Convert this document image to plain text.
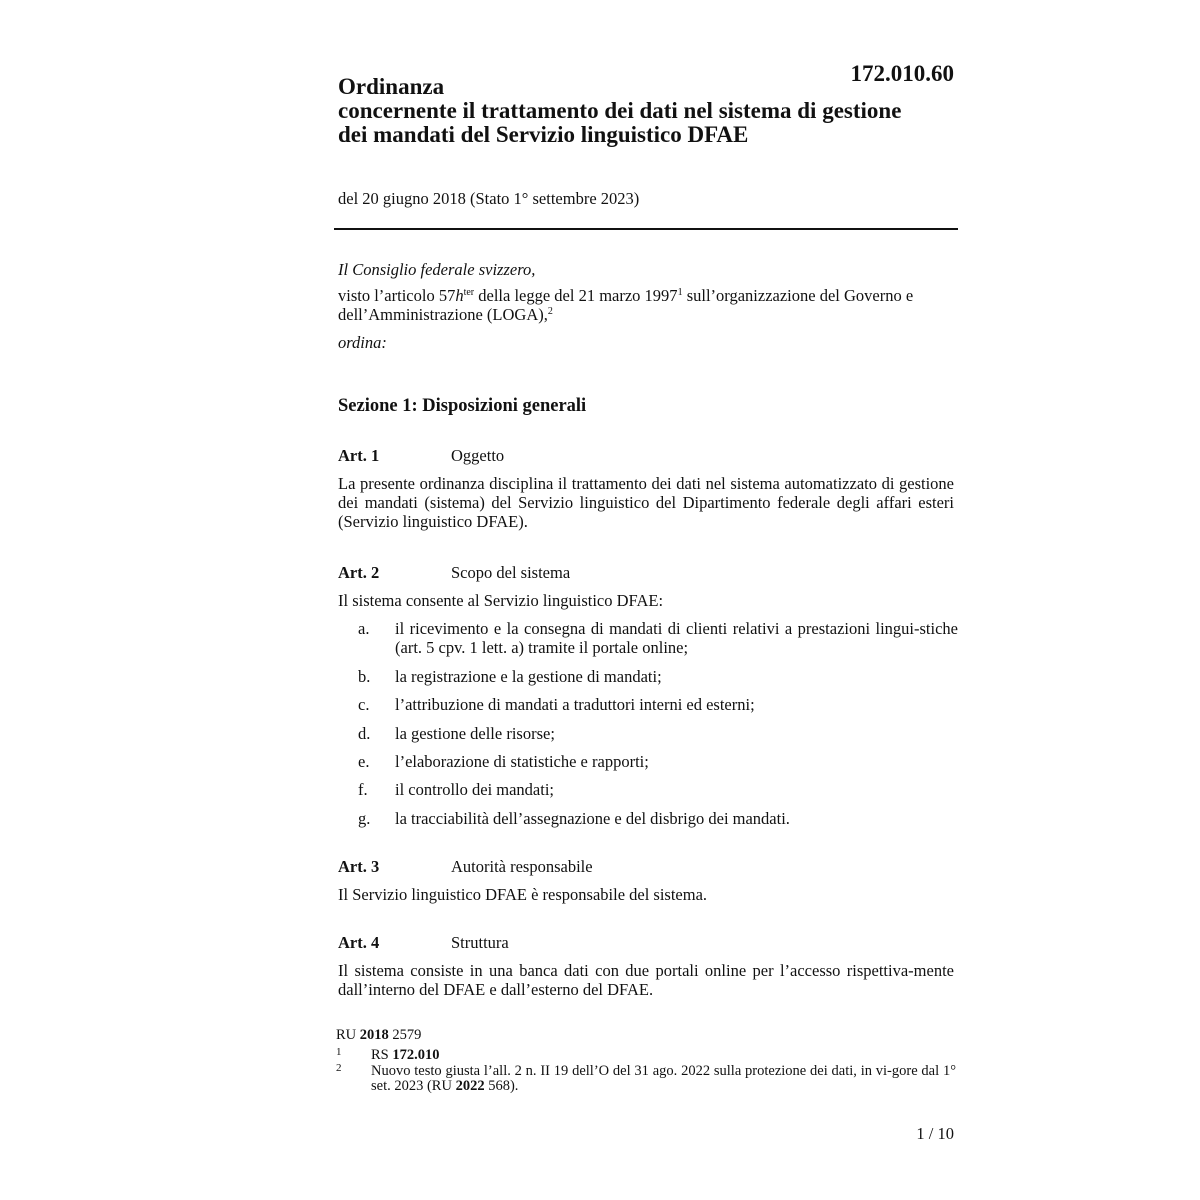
172.010.60
Ordinanza
concernente il trattamento dei dati nel sistema di gestione
dei mandati del Servizio linguistico DFAE
del 20 giugno 2018 (Stato 1° settembre 2023)
Il Consiglio federale svizzero,
visto l’articolo $57h^{ter}$ della legge del 21 marzo 1997$^1$ sull’organizzazione del Governo e dell’Amministrazione (LOGA),$^2$
ordina:
Sezione 1: Disposizioni generali
Art. 1	Oggetto
La presente ordinanza disciplina il trattamento dei dati nel sistema automatizzato di gestione dei mandati (sistema) del Servizio linguistico del Dipartimento federale degli affari esteri (Servizio linguistico DFAE).
Art. 2	Scopo del sistema
Il sistema consente al Servizio linguistico DFAE:
a. il ricevimento e la consegna di mandati di clienti relativi a prestazioni lingui-stiche (art. 5 cpv. 1 lett. a) tramite il portale online;
b. la registrazione e la gestione di mandati;
c. l’attribuzione di mandati a traduttori interni ed esterni;
d. la gestione delle risorse;
e. l’elaborazione di statistiche e rapporti;
f. il controllo dei mandati;
g. la tracciabilità dell’assegnazione e del disbrigo dei mandati.
Art. 3	Autorità responsabile
Il Servizio linguistico DFAE è responsabile del sistema.
Art. 4	Struttura
Il sistema consiste in una banca dati con due portali online per l’accesso rispettiva-mente dall’interno del DFAE e dall’esterno del DFAE.
RU 2018 2579
1 RS 172.010
2 Nuovo testo giusta l’all. 2 n. II 19 dell’O del 31 ago. 2022 sulla protezione dei dati, in vi-gore dal 1° set. 2023 (RU 2022 568).
1 / 10
